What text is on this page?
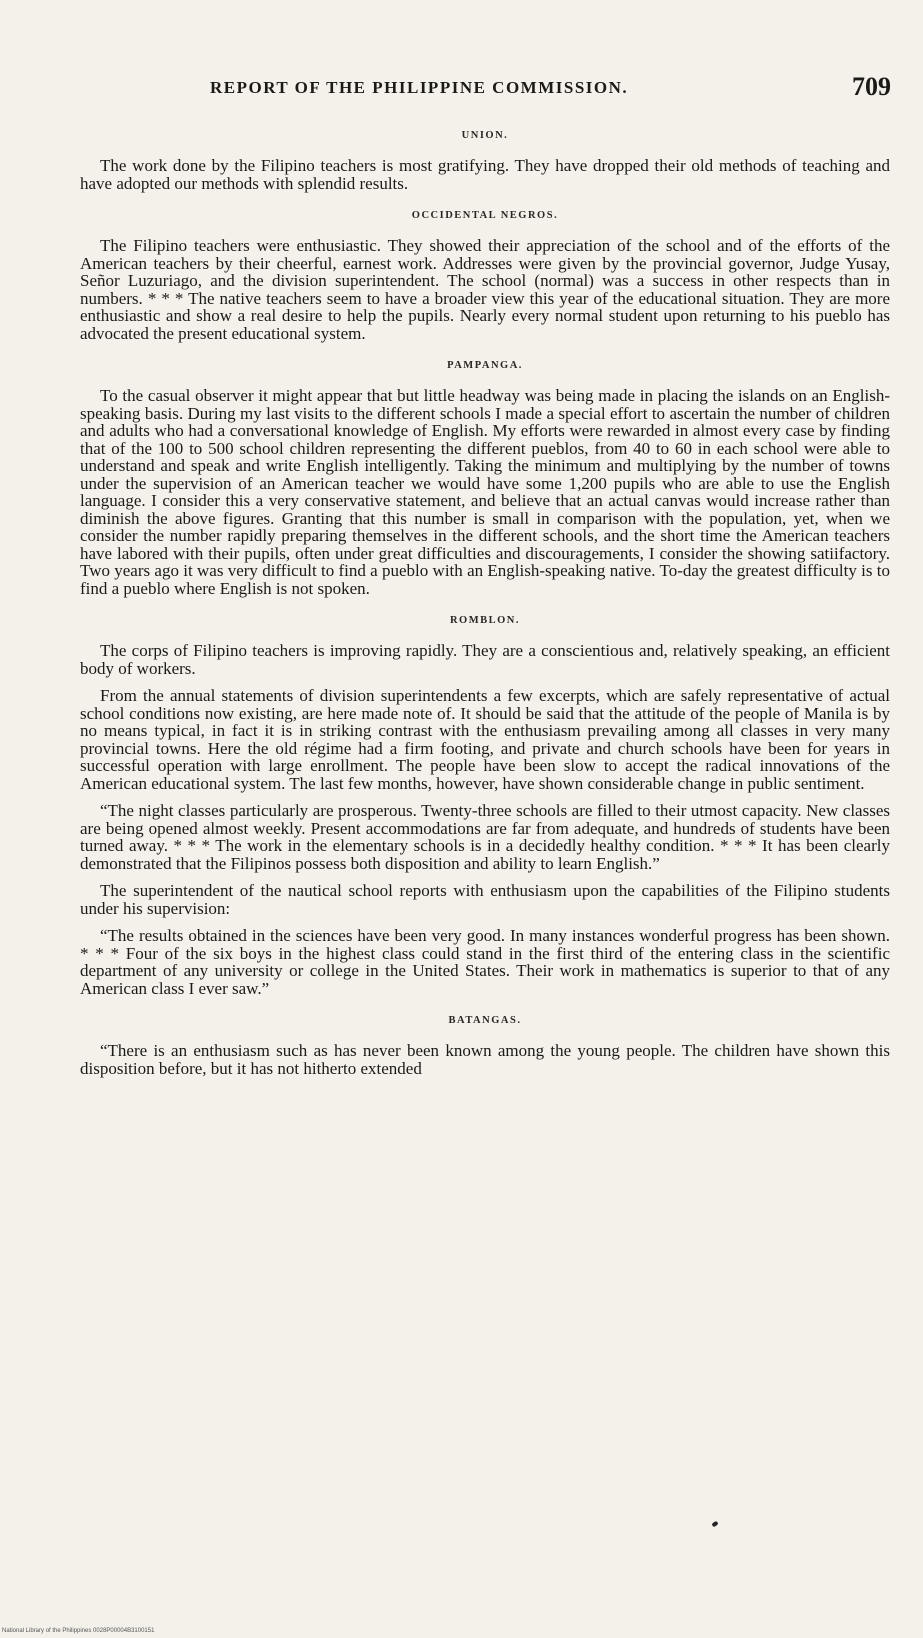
REPORT OF THE PHILIPPINE COMMISSION.	709
UNION.

The work done by the Filipino teachers is most gratifying. They have dropped their old methods of teaching and have adopted our methods with splendid results.

OCCIDENTAL NEGROS.

The Filipino teachers were enthusiastic. They showed their appreciation of the school and of the efforts of the American teachers by their cheerful, earnest work. Addresses were given by the provincial governor, Judge Yusay, Señor Luzuriago, and the division superintendent. The school (normal) was a success in other respects than in numbers. * * * The native teachers seem to have a broader view this year of the educational situation. They are more enthusiastic and show a real desire to help the pupils. Nearly every normal student upon returning to his pueblo has advocated the present educational system.

PAMPANGA.

To the casual observer it might appear that but little headway was being made in placing the islands on an English-speaking basis. During my last visits to the different schools I made a special effort to ascertain the number of children and adults who had a conversational knowledge of English. My efforts were rewarded in almost every case by finding that of the 100 to 500 school children representing the different pueblos, from 40 to 60 in each school were able to understand and speak and write English intelligently. Taking the minimum and multiplying by the number of towns under the supervision of an American teacher we would have some 1,200 pupils who are able to use the English language. I consider this a very conservative statement, and believe that an actual canvas would increase rather than diminish the above figures. Granting that this number is small in comparison with the population, yet, when we consider the number rapidly preparing themselves in the different schools, and the short time the American teachers have labored with their pupils, often under great difficulties and discouragements, I consider the showing satiifactory. Two years ago it was very difficult to find a pueblo with an English-speaking native. To-day the greatest difficulty is to find a pueblo where English is not spoken.

ROMBLON.

The corps of Filipino teachers is improving rapidly. They are a conscientious and, relatively speaking, an efficient body of workers.

From the annual statements of division superintendents a few excerpts, which are safely representative of actual school conditions now existing, are here made note of. It should be said that the attitude of the people of Manila is by no means typical, in fact it is in striking contrast with the enthusiasm prevailing among all classes in very many provincial towns. Here the old régime had a firm footing, and private and church schools have been for years in successful operation with large enrollment. The people have been slow to accept the radical innovations of the American educational system. The last few months, however, have shown considerable change in public sentiment.

“The night classes particularly are prosperous. Twenty-three schools are filled to their utmost capacity. New classes are being opened almost weekly. Present accommodations are far from adequate, and hundreds of students have been turned away. * * * The work in the elementary schools is in a decidedly healthy condition. * * * It has been clearly demonstrated that the Filipinos possess both disposition and ability to learn English.”

The superintendent of the nautical school reports with enthusiasm upon the capabilities of the Filipino students under his supervision:

“The results obtained in the sciences have been very good. In many instances wonderful progress has been shown. * * * Four of the six boys in the highest class could stand in the first third of the entering class in the scientific department of any university or college in the United States. Their work in mathematics is superior to that of any American class I ever saw.”

BATANGAS.

“There is an enthusiasm such as has never been known among the young people. The children have shown this disposition before, but it has not hitherto extended

National Library of the Philippines 0028P00004B3100151
